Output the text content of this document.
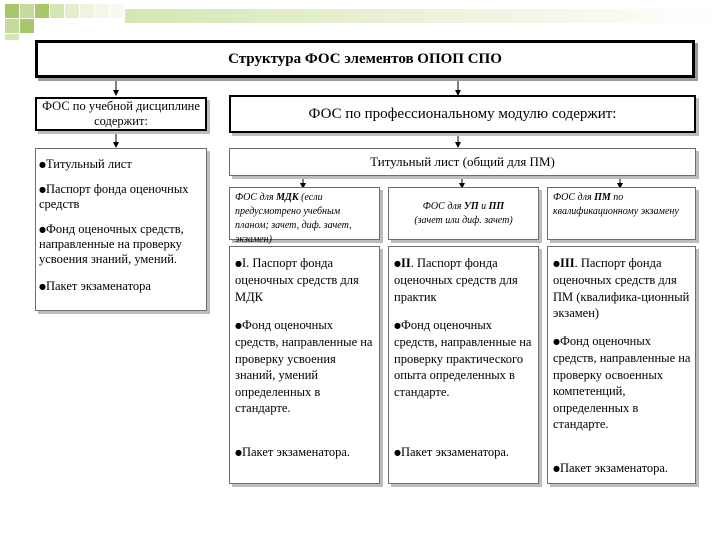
Структура ФОС элементов ОПОП СПО
ФОС по учебной дисциплине содержит:	ФОС по профессиональному модулю содержит:
●Титульный лист
●Паспорт фонда оценочных средств
●Фонд оценочных средств, направленные на проверку усвоения знаний, умений.
●Пакет экзаменатора
Титульный лист (общий для ПМ)
ФОС для МДК (если предусмотрено учебным планом; зачет, диф. зачет, экзамен)
ФОС для УП и ПП
(зачет или диф. зачет)
ФОС для ПМ по квалификационному экзамену
●I. Паспорт фонда оценочных средств для МДК
●Фонд оценочных средств, направленные на проверку усвоения знаний, умений определенных в стандарте.
●Пакет экзаменатора.
●II. Паспорт фонда оценочных средств для практик
●Фонд оценочных средств, направленные на проверку практического опыта определенных в стандарте.
●Пакет экзаменатора.
●III. Паспорт фонда оценочных средств для ПМ (квалифика-ционный экзамен)
●Фонд оценочных средств, направленные на проверку освоенных компетенций, определенных в стандарте.
●Пакет экзаменатора.
